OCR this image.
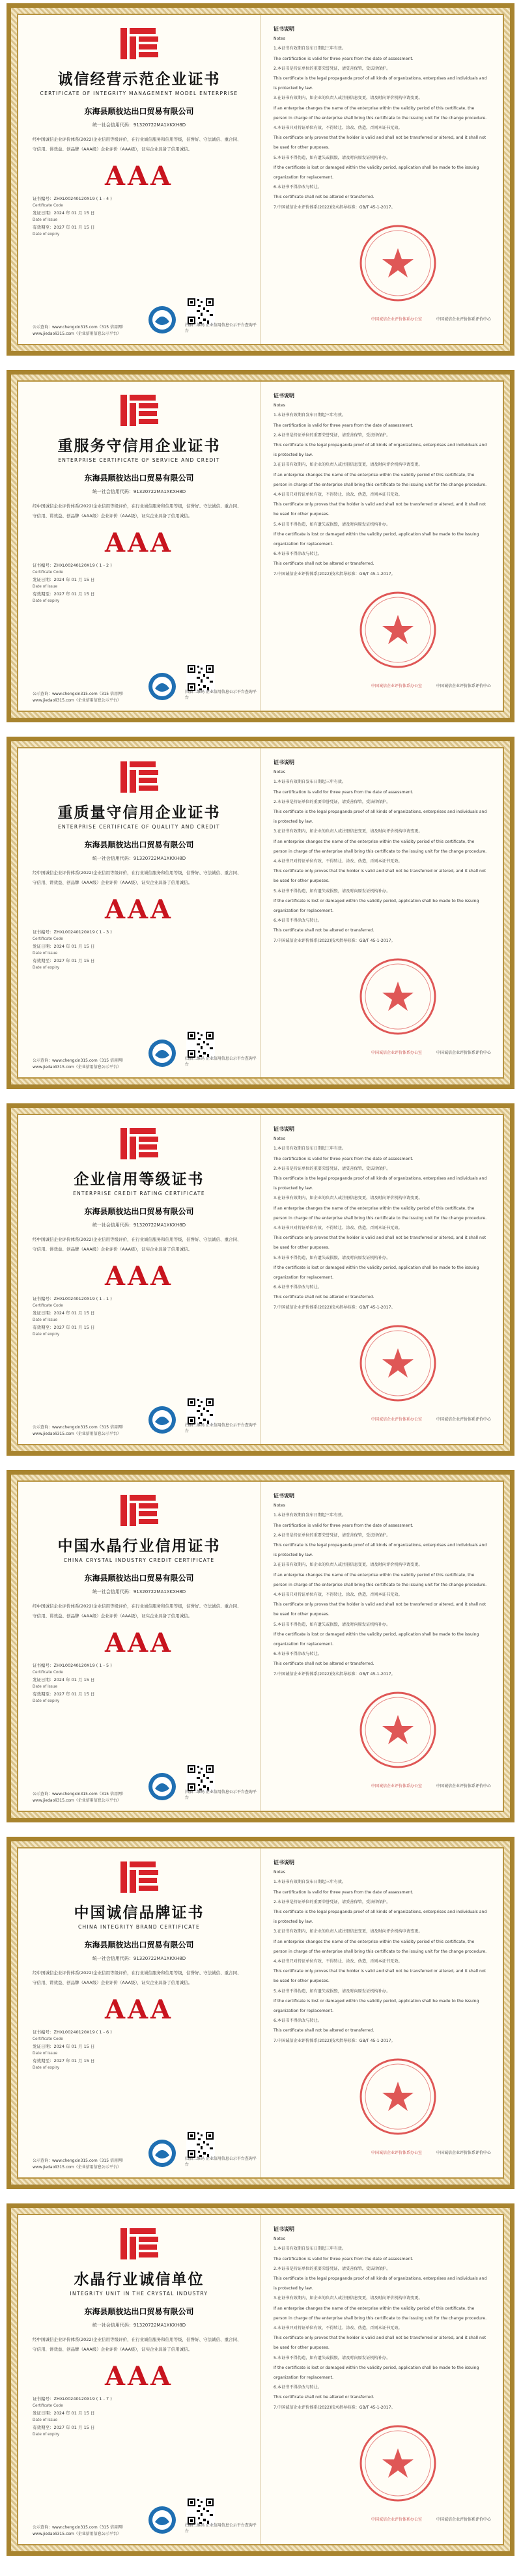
诚信经营示范企业证书
CERTIFICATE OF INTEGRITY MANAGEMENT MODEL ENTERPRISE
东海县顺彼达出口贸易有限公司
统一社会信用代码：91320722MA1XKXH8D
经中国诚信企业评价体系(2022)企业信用等级评价，在行业诚信服务和信用等级，信誉好、守法诚信、重合同、
守信用、讲效益、创品牌（AAA级）企业评价（AAA级），证实企业具备了信用诚信。
AAA
证书编号：ZHXL00240120X19 ( 1 - 4 )
Certificate Code
发证日期：2024 年 01 月 15 日
Date of issue
有效期至：2027 年 01 月 15 日
Date of expiry
公示查询：www.chengxin315.com（315 信用网）
www.jiedaoli315.com（企业信用信息公示平台）
扫描二维码 企业信用信息公示平台查询平台
证书说明
Notes
1.本证书有效期自发布日期起三年有效。
The certification is valid for three years from the date of assessment.
2.本证书是持证单位的重要荣誉凭证，请妥善保管，受法律保护。
This certificate is the legal propaganda proof of all kinds of organizations, enterprises and individuals and is protected by law.
3.在证书有效期内，如企业的负责人或注册信息变更，请及时向评价机构申请变更。
If an enterprise changes the name of the enterprise within the validity period of this certificate, the person in charge of the enterprise shall bring this certificate to the issuing unit for the change procedure.
4.本证书只对持证单位有效，不得转让、涂改、伪造，否则本证书无效。
This certificate only proves that the holder is valid and shall not be transferred or altered, and it shall not be used for other purposes.
5.本证书不得伪造，如有遗失或损毁，请及时向原发证机构补办。
If the certificate is lost or damaged within the validity period, application shall be made to the issuing organization for replacement.
6.本证书不得涂改与转让。
This certificate shall not be altered or transferred.
7.中国诚信企业评价体系(2022)技术指导标准：GB/T 45-1-2017。
中国诚信企业评价体系办公室	中国诚信企业评价体系评价中心
重服务守信用企业证书
ENTERPRISE CERTIFICATE OF SERVICE AND CREDIT
东海县顺彼达出口贸易有限公司
统一社会信用代码：91320722MA1XKXH8D
经中国诚信企业评价体系(2022)企业信用等级评价，在行业诚信服务和信用等级，信誉好、守法诚信、重合同、
守信用、讲效益、创品牌（AAA级）企业评价（AAA级），证实企业具备了信用诚信。
AAA
证书编号：ZHXL00240120X19 ( 1 - 2 )
Certificate Code
发证日期：2024 年 01 月 15 日
Date of issue
有效期至：2027 年 01 月 15 日
Date of expiry
公示查询：www.chengxin315.com（315 信用网）
www.jiedaoli315.com（企业信用信息公示平台）
扫描二维码 企业信用信息公示平台查询平台
证书说明
Notes
1.本证书有效期自发布日期起三年有效。
The certification is valid for three years from the date of assessment.
2.本证书是持证单位的重要荣誉凭证，请妥善保管，受法律保护。
This certificate is the legal propaganda proof of all kinds of organizations, enterprises and individuals and is protected by law.
3.在证书有效期内，如企业的负责人或注册信息变更，请及时向评价机构申请变更。
If an enterprise changes the name of the enterprise within the validity period of this certificate, the person in charge of the enterprise shall bring this certificate to the issuing unit for the change procedure.
4.本证书只对持证单位有效，不得转让、涂改、伪造，否则本证书无效。
This certificate only proves that the holder is valid and shall not be transferred or altered, and it shall not be used for other purposes.
5.本证书不得伪造，如有遗失或损毁，请及时向原发证机构补办。
If the certificate is lost or damaged within the validity period, application shall be made to the issuing organization for replacement.
6.本证书不得涂改与转让。
This certificate shall not be altered or transferred.
7.中国诚信企业评价体系(2022)技术指导标准：GB/T 45-1-2017。
中国诚信企业评价体系办公室	中国诚信企业评价体系评价中心
重质量守信用企业证书
ENTERPRISE CERTIFICATE OF QUALITY AND CREDIT
东海县顺彼达出口贸易有限公司
统一社会信用代码：91320722MA1XKXH8D
经中国诚信企业评价体系(2022)企业信用等级评价，在行业诚信服务和信用等级，信誉好、守法诚信、重合同、
守信用、讲效益、创品牌（AAA级）企业评价（AAA级），证实企业具备了信用诚信。
AAA
证书编号：ZHXL00240120X19 ( 1 - 3 )
Certificate Code
发证日期：2024 年 01 月 15 日
Date of issue
有效期至：2027 年 01 月 15 日
Date of expiry
公示查询：www.chengxin315.com（315 信用网）
www.jiedaoli315.com（企业信用信息公示平台）
扫描二维码 企业信用信息公示平台查询平台
证书说明
Notes
1.本证书有效期自发布日期起三年有效。
The certification is valid for three years from the date of assessment.
2.本证书是持证单位的重要荣誉凭证，请妥善保管，受法律保护。
This certificate is the legal propaganda proof of all kinds of organizations, enterprises and individuals and is protected by law.
3.在证书有效期内，如企业的负责人或注册信息变更，请及时向评价机构申请变更。
If an enterprise changes the name of the enterprise within the validity period of this certificate, the person in charge of the enterprise shall bring this certificate to the issuing unit for the change procedure.
4.本证书只对持证单位有效，不得转让、涂改、伪造，否则本证书无效。
This certificate only proves that the holder is valid and shall not be transferred or altered, and it shall not be used for other purposes.
5.本证书不得伪造，如有遗失或损毁，请及时向原发证机构补办。
If the certificate is lost or damaged within the validity period, application shall be made to the issuing organization for replacement.
6.本证书不得涂改与转让。
This certificate shall not be altered or transferred.
7.中国诚信企业评价体系(2022)技术指导标准：GB/T 45-1-2017。
中国诚信企业评价体系办公室	中国诚信企业评价体系评价中心
企业信用等级证书
ENTERPRISE CREDIT RATING CERTIFICATE
东海县顺彼达出口贸易有限公司
统一社会信用代码：91320722MA1XKXH8D
经中国诚信企业评价体系(2022)企业信用等级评价，在行业诚信服务和信用等级，信誉好、守法诚信、重合同、
守信用、讲效益、创品牌（AAA级）企业评价（AAA级），证实企业具备了信用诚信。
AAA
证书编号：ZHXL00240120X19 ( 1 - 1 )
Certificate Code
发证日期：2024 年 01 月 15 日
Date of issue
有效期至：2027 年 01 月 15 日
Date of expiry
公示查询：www.chengxin315.com（315 信用网）
www.jiedaoli315.com（企业信用信息公示平台）
扫描二维码 企业信用信息公示平台查询平台
证书说明
Notes
1.本证书有效期自发布日期起三年有效。
The certification is valid for three years from the date of assessment.
2.本证书是持证单位的重要荣誉凭证，请妥善保管，受法律保护。
This certificate is the legal propaganda proof of all kinds of organizations, enterprises and individuals and is protected by law.
3.在证书有效期内，如企业的负责人或注册信息变更，请及时向评价机构申请变更。
If an enterprise changes the name of the enterprise within the validity period of this certificate, the person in charge of the enterprise shall bring this certificate to the issuing unit for the change procedure.
4.本证书只对持证单位有效，不得转让、涂改、伪造，否则本证书无效。
This certificate only proves that the holder is valid and shall not be transferred or altered, and it shall not be used for other purposes.
5.本证书不得伪造，如有遗失或损毁，请及时向原发证机构补办。
If the certificate is lost or damaged within the validity period, application shall be made to the issuing organization for replacement.
6.本证书不得涂改与转让。
This certificate shall not be altered or transferred.
7.中国诚信企业评价体系(2022)技术指导标准：GB/T 45-1-2017。
中国诚信企业评价体系办公室	中国诚信企业评价体系评价中心
中国水晶行业信用证书
CHINA CRYSTAL INDUSTRY CREDIT CERTIFICATE
东海县顺彼达出口贸易有限公司
统一社会信用代码：91320722MA1XKXH8D
经中国诚信企业评价体系(2022)企业信用等级评价，在行业诚信服务和信用等级，信誉好、守法诚信、重合同、
守信用、讲效益、创品牌（AAA级）企业评价（AAA级），证实企业具备了信用诚信。
AAA
证书编号：ZHXL00240120X19 ( 1 - 5 )
Certificate Code
发证日期：2024 年 01 月 15 日
Date of issue
有效期至：2027 年 01 月 15 日
Date of expiry
公示查询：www.chengxin315.com（315 信用网）
www.jiedaoli315.com（企业信用信息公示平台）
扫描二维码 企业信用信息公示平台查询平台
证书说明
Notes
1.本证书有效期自发布日期起三年有效。
The certification is valid for three years from the date of assessment.
2.本证书是持证单位的重要荣誉凭证，请妥善保管，受法律保护。
This certificate is the legal propaganda proof of all kinds of organizations, enterprises and individuals and is protected by law.
3.在证书有效期内，如企业的负责人或注册信息变更，请及时向评价机构申请变更。
If an enterprise changes the name of the enterprise within the validity period of this certificate, the person in charge of the enterprise shall bring this certificate to the issuing unit for the change procedure.
4.本证书只对持证单位有效，不得转让、涂改、伪造，否则本证书无效。
This certificate only proves that the holder is valid and shall not be transferred or altered, and it shall not be used for other purposes.
5.本证书不得伪造，如有遗失或损毁，请及时向原发证机构补办。
If the certificate is lost or damaged within the validity period, application shall be made to the issuing organization for replacement.
6.本证书不得涂改与转让。
This certificate shall not be altered or transferred.
7.中国诚信企业评价体系(2022)技术指导标准：GB/T 45-1-2017。
中国诚信企业评价体系办公室	中国诚信企业评价体系评价中心
中国诚信品牌证书
CHINA INTEGRITY BRAND CERTIFICATE
东海县顺彼达出口贸易有限公司
统一社会信用代码：91320722MA1XKXH8D
经中国诚信企业评价体系(2022)企业信用等级评价，在行业诚信服务和信用等级，信誉好、守法诚信、重合同、
守信用、讲效益、创品牌（AAA级）企业评价（AAA级），证实企业具备了信用诚信。
AAA
证书编号：ZHXL00240120X19 ( 1 - 6 )
Certificate Code
发证日期：2024 年 01 月 15 日
Date of issue
有效期至：2027 年 01 月 15 日
Date of expiry
公示查询：www.chengxin315.com（315 信用网）
www.jiedaoli315.com（企业信用信息公示平台）
扫描二维码 企业信用信息公示平台查询平台
证书说明
Notes
1.本证书有效期自发布日期起三年有效。
The certification is valid for three years from the date of assessment.
2.本证书是持证单位的重要荣誉凭证，请妥善保管，受法律保护。
This certificate is the legal propaganda proof of all kinds of organizations, enterprises and individuals and is protected by law.
3.在证书有效期内，如企业的负责人或注册信息变更，请及时向评价机构申请变更。
If an enterprise changes the name of the enterprise within the validity period of this certificate, the person in charge of the enterprise shall bring this certificate to the issuing unit for the change procedure.
4.本证书只对持证单位有效，不得转让、涂改、伪造，否则本证书无效。
This certificate only proves that the holder is valid and shall not be transferred or altered, and it shall not be used for other purposes.
5.本证书不得伪造，如有遗失或损毁，请及时向原发证机构补办。
If the certificate is lost or damaged within the validity period, application shall be made to the issuing organization for replacement.
6.本证书不得涂改与转让。
This certificate shall not be altered or transferred.
7.中国诚信企业评价体系(2022)技术指导标准：GB/T 45-1-2017。
中国诚信企业评价体系办公室	中国诚信企业评价体系评价中心
水晶行业诚信单位
INTEGRITY UNIT IN THE CRYSTAL INDUSTRY
东海县顺彼达出口贸易有限公司
统一社会信用代码：91320722MA1XKXH8D
经中国诚信企业评价体系(2022)企业信用等级评价，在行业诚信服务和信用等级，信誉好、守法诚信、重合同、
守信用、讲效益、创品牌（AAA级）企业评价（AAA级），证实企业具备了信用诚信。
AAA
证书编号：ZHXL00240120X19 ( 1 - 7 )
Certificate Code
发证日期：2024 年 01 月 15 日
Date of issue
有效期至：2027 年 01 月 15 日
Date of expiry
公示查询：www.chengxin315.com（315 信用网）
www.jiedaoli315.com（企业信用信息公示平台）
扫描二维码 企业信用信息公示平台查询平台
证书说明
Notes
1.本证书有效期自发布日期起三年有效。
The certification is valid for three years from the date of assessment.
2.本证书是持证单位的重要荣誉凭证，请妥善保管，受法律保护。
This certificate is the legal propaganda proof of all kinds of organizations, enterprises and individuals and is protected by law.
3.在证书有效期内，如企业的负责人或注册信息变更，请及时向评价机构申请变更。
If an enterprise changes the name of the enterprise within the validity period of this certificate, the person in charge of the enterprise shall bring this certificate to the issuing unit for the change procedure.
4.本证书只对持证单位有效，不得转让、涂改、伪造，否则本证书无效。
This certificate only proves that the holder is valid and shall not be transferred or altered, and it shall not be used for other purposes.
5.本证书不得伪造，如有遗失或损毁，请及时向原发证机构补办。
If the certificate is lost or damaged within the validity period, application shall be made to the issuing organization for replacement.
6.本证书不得涂改与转让。
This certificate shall not be altered or transferred.
7.中国诚信企业评价体系(2022)技术指导标准：GB/T 45-1-2017。
中国诚信企业评价体系办公室	中国诚信企业评价体系评价中心
